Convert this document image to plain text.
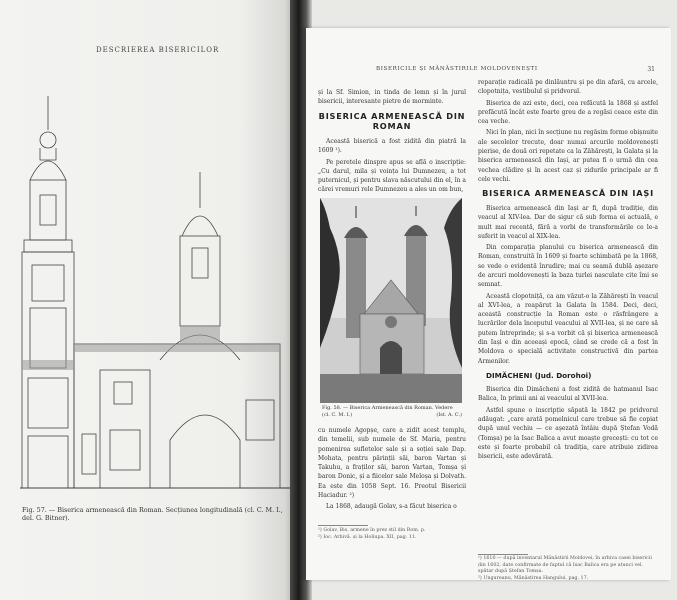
DESCRIEREA BISERICILOR
Fig. 57. — Biserica armenească din Roman. Secțiunea longitudinală (cl. C. M. I., del. G. Bitner).
BISERICILE ȘI MĂNĂSTIRILE MOLDOVENEȘTI	31

și la Sf. Simion, in tinda de lemn și în jurul bisericii, interesante pietre de morminte.

BISERICA ARMENEASCĂ DIN ROMAN

Această biserică a fost zidită din piatră la 1609 ¹).

Pe peretele dinspre apus se află o inscripție: „Cu darul, mila și voința lui Dumnezeu, a tot puternicul, și pentru slava născutului din el, în a cărei vremuri rele Dumnezeu a ales un om bun,

cu numele Agopșe, care a zidit acest templu, din temelii, sub numele de Sf. Maria, pentru pomenirea sufletelor sale și a soției sale Dap. Mohata, pentru părinții săi, baron Vartan și Takuhu, a fraților săi, baron Vartan, Tomșa și baron Donic, și a fiicelor sale Meloșa și Dolvath. Ea este din 1058 Sept. 16. Preotul Bisericii Haciadur. ²)

La 1868, adaugă Golav, s-a făcut biserica o

¹) Golav, Bis. armene în prez stil din Rom. p.
²) Ioc. Arhivă. și la Holiupa. XII, pag. 11.

reparație radicală pe dinlăuntru și pe din afară, cu arcele, clopotnița, vestibulul și pridvorul.

Biserica de azi este, deci, cea refăcută la 1868 și astfel prefăcută încât este foarte greu de a regăsi ceace este din cea veche.

Nici în plan, nici în secțiune nu regăsim forme obișnuite ale secolelor trecute, doar numai arcurile moldovenești pierise, de două ori repetate ca la Zăhărești, la Galata și la biserica armenească din Iași, ar putea fi o urmă din cea vechea clădire și în acest caz și zidurile principale ar fi cele vechi.

BISERICA ARMENEASCĂ DIN IAȘI

Biserica armenească din Iași ar fi, după tradiție, din veacul al XIV-lea. Dar de sigur că sub forma ei actuală, e mult mai recentă, fără a vorbi de transformările ce le-a suferit in veacul al XIX-lea.

Din comparația planului cu biserica armenească din Roman, construită în 1609 și foarte schimbată pe la 1868, se vede o evidentă înrudire; mai cu seamă dublă așezare de arcuri moldovenești la baza turlei nasculate cite îmi se semnat.

Această clopotniță, ca am văzut-o la Zăhărești în veacul al XVI-lea, a reapărut la Galata în 1584. Deci, deci, această construcție la Roman este o răsfrângere a lucrărilor dela începutul veacului al XVII-lea, și ne care să putem întreprinde; și s-a vorbit că și biserica armenească din Iași e din aceeași epocă, când se crede că a fost în Moldova o specială activitate constructivă din partea Armenilor.

DIMĂCHENI (Jud. Dorohoi)

Biserica din Dimăcheni a fost zidită de hatmanul Isac Balica, în primii ani ai veacului al XVII-lea.

Astfel spune o inscripție săpată la 1842 pe pridvorul adăugat: „care arată pomelnicul care trebue să fie copiat după unul vechiu — ce așezată întâiu după Ștefan Vodă (Tomșa) pe la Isac Balica a avut moaște grecești: cu tot ce este și foarte probabil că tradiția, care atribuie zidirea bisericii, este adevărată.

¹) 1610 — după inventarul Mănăstirii Moldovei, în arhiva casei bisericii din 1602, date confirmate de faptul că Isac Balica era pe atunci vel. spătar după Ștefan Tomșa.
²) Ungureanu, Mănăstirea Hangului, pag. 17.
Fig. 58. — Biserica Armenească din Roman. Vedere
(cl. C. M. I.)	(Ist. A. C.)
